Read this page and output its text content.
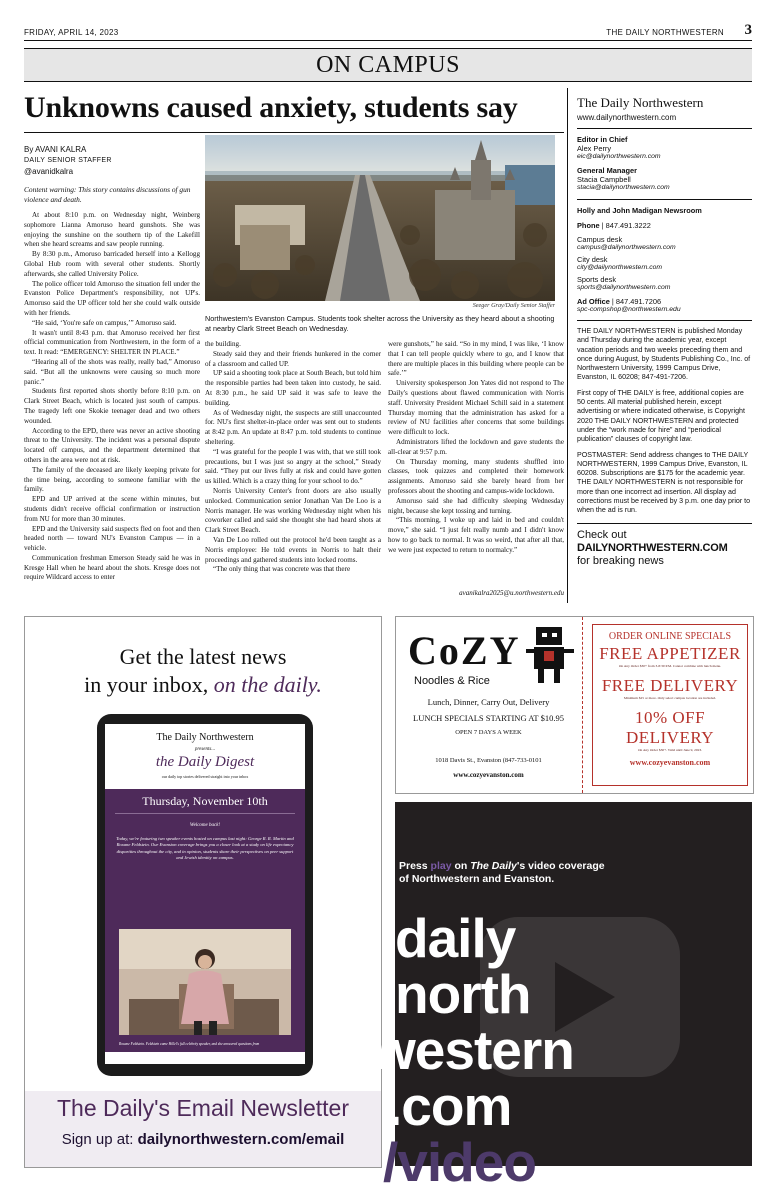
FRIDAY, APRIL 14, 2023	THE DAILY NORTHWESTERN 3
ON CAMPUS
Unknowns caused anxiety, students say
By AVANI KALRA
DAILY SENIOR STAFFER
@avanidkalra
Content warning: This story contains discussions of gun violence and death.

At about 8:10 p.m. on Wednesday night, Weinberg sophomore Lianna Amoruso heard gunshots. She was enjoying the sunshine on the southern tip of the Lakefill when she heard screams and saw people running.

By 8:30 p.m., Amoruso barricaded herself into a Kellogg Global Hub room with several other students. Shortly afterwards, she called University Police.

The police officer told Amoruso the situation fell under the Evanston Police Department's responsibility, not UP's. Amoruso said the UP officer told her she could walk outside with her friends.

“He said, ‘You're safe on campus,’” Amoruso said.

It wasn't until 8:43 p.m. that Amoruso received her first official communication from Northwestern, in the form of a text. It read: “EMERGENCY: SHELTER IN PLACE.”

“Hearing all of the shots was really, really bad,” Amoruso said. “But all the unknowns were causing so much more panic.”

Students first reported shots shortly before 8:10 p.m. on Clark Street Beach, which is located just south of campus. The tragedy left one Skokie teenager dead and two others wounded.

According to the EPD, there was never an active shooting threat to the University. The incident was a personal dispute located off campus, and the department determined that others in the area were not at risk.

The family of the deceased are likely keeping private for the time being, according to someone familiar with the family.

EPD and UP arrived at the scene within minutes, but students didn't receive official confirmation or instruction from NU for more than 30 minutes.

EPD and the University said suspects fled on foot and then headed north — toward NU's Evanston Campus — in a vehicle.

Communication freshman Emerson Steady said he was in Kresge Hall when he heard about the shots. Kresge does not require Wildcard access to enter

Seeger Gray/Daily Senior Staffer
Northwestern's Evanston Campus. Students took shelter across the University as they heard about a shooting at nearby Clark Street Beach on Wednesday.

the building.

Steady said they and their friends hunkered in the corner of a classroom and called UP.

UP said a shooting took place at South Beach, but told him the responsible parties had been taken into custody, he said. At 8:30 p.m., he said UP said it was safe to leave the building.

As of Wednesday night, the suspects are still unaccounted for. NU's first shelter-in-place order was sent out to students at 8:42 p.m. An update at 8:47 p.m. told students to continue sheltering.

“I was grateful for the people I was with, that we still took precautions, but I was just so angry at the school,” Steady said. “They put our lives fully at risk and could have gotten us killed. Which is a crazy thing for your school to do.”

Norris University Center's front doors are also usually unlocked. Communication senior Jonathan Van De Loo is a Norris manager. He was working Wednesday night when his coworker called and said she thought she had heard shots at Clark Street Beach.

Van De Loo rolled out the protocol he'd been taught as a Norris employee: He told events in Norris to halt their proceedings and gathered students into locked rooms.

“The only thing that was concrete was that there

were gunshots,” he said. “So in my mind, I was like, ‘I know that I can tell people quickly where to go, and I know that there are multiple places in this building where people can be safe.’”

University spokesperson Jon Yates did not respond to The Daily's questions about flawed communication with Norris staff. University President Michael Schill said in a statement Thursday morning that the administration has asked for a review of NU facilities after concerns that some buildings were difficult to lock.

Administrators lifted the lockdown and gave students the all-clear at 9:57 p.m.

On Thursday morning, many students shuffled into classes, took quizzes and completed their homework assignments. Amoruso said she barely heard from her professors about the shooting and campus-wide lockdown.

Amoruso said she had difficulty sleeping Wednesday night, because she kept tossing and turning.

“This morning, I woke up and laid in bed and couldn't move,” she said. “I just felt really numb and I didn't know how to go back to normal. It was so weird, that after all that, we were just expected to return to normalcy.”

avanikalra2025@u.northwestern.edu
The Daily Northwestern
www.dailynorthwestern.com
Editor in Chief
Alex Perry
eic@dailynorthwestern.com
General Manager
Stacia Campbell
stacia@dailynorthwestern.com
Holly and John Madigan Newsroom
Phone | 847.491.3222
Campus desk
campus@dailynorthwestern.com
City desk
city@dailynorthwestern.com
Sports desk
sports@dailynorthwestern.com
Ad Office | 847.491.7206
spc-compshop@northwestern.edu
THE DAILY NORTHWESTERN is published Monday and Thursday during the academic year, except vacation periods and two weeks preceding them and once during August, by Students Publishing Co., Inc. of Northwestern University, 1999 Campus Drive, Evanston, IL 60208; 847-491-7206.
First copy of THE DAILY is free, additional copies are 50 cents. All material published herein, except advertising or where indicated otherwise, is Copyright 2020 THE DAILY NORTHWESTERN and protected under the “work made for hire” and “periodical publication” clauses of copyright law.
POSTMASTER: Send address changes to THE DAILY NORTHWESTERN, 1999 Campus Drive, Evanston, IL 60208. Subscriptions are $175 for the academic year. THE DAILY NORTHWESTERN is not responsible for more than one incorrect ad insertion. All display ad corrections must be received by 3 p.m. one day prior to when the ad is run.
Check out
DAILYNORTHWESTERN.COM
for breaking news
Get the latest news
in your inbox, on the daily.
The Daily Northwestern
presents...
the Daily Digest
our daily top stories delivered straight into your inbox
Thursday, November 10th
Welcome back!
Today, we're featuring two speaker events hosted on campus last night: George R. R. Martin and Roxane Feldstein. Our Evanston coverage brings you a closer look at a study on life expectancy disparities throughout the city, and in opinion, students share their perspectives on peer support and Jewish identity on campus.
Roxane Feldstein. Feldstein came Hillel's fall celebrity speaker, and she answered questions from
The Daily's Email Newsletter
Sign up at: dailynorthwestern.com/email
CoZY
Noodles & Rice
Lunch, Dinner, Carry Out, Delivery
LUNCH SPECIALS STARTING AT $10.95
OPEN 7 DAYS A WEEK
1018 Davis St., Evanston (847-733-0101
www.cozyevanston.com
ORDER ONLINE SPECIALS
FREE APPETIZER
On Any Order $30+ from 3-8:30 P.M. Cannot combine with lunch menu.
FREE DELIVERY
Minimum $25 or more. Only select campus location are included.
10% OFF DELIVERY
On Any Order $30+. Valid until June 9, 2023.
www.cozyevanston.com
Press play on The Daily's video coverage of Northwestern and Evanston.
daily
north
western
.com
/video
